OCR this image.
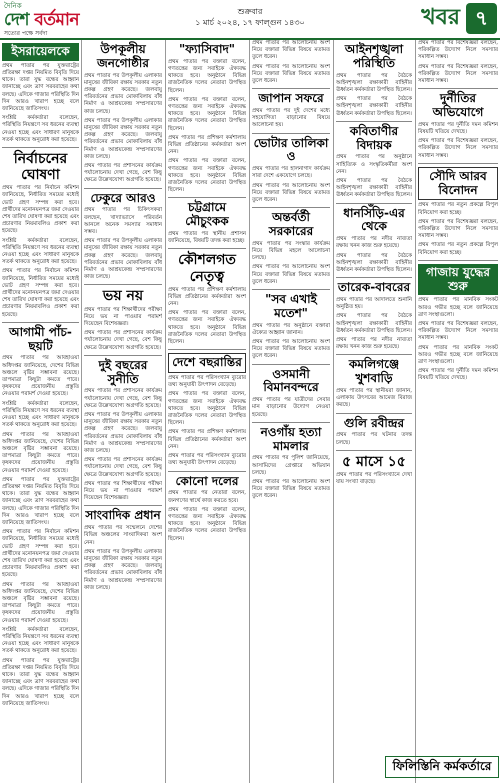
দৈনিক
দেশ বর্তমান
সত্যের পক্ষে সর্বদা
শুক্রবার
১ মার্চ ২০২৪, ১৭ ফাল্গুন ১৪৩০	খবর ৭
ইসরায়েলকে

প্রথম পাতার পর যুক্তরাষ্ট্রের প্রতিরক্ষা দপ্তর নিয়মিত বিবৃতি দিয়ে থাকে। তারা যুদ্ধ বন্ধের আহ্বান জানাচ্ছে এবং ত্রাণ সরবরাহের কথা বলছে। এদিকে গাজার পরিস্থিতি দিন দিন আরও খারাপ হচ্ছে বলে জানিয়েছে জাতিসংঘ।

সংশ্লিষ্ট কর্মকর্তারা বলেছেন, পরিস্থিতি নিয়ন্ত্রণে সব ধরনের ব্যবস্থা নেওয়া হচ্ছে এবং সাধারণ মানুষকে সতর্ক থাকতে অনুরোধ করা হয়েছে।

নির্বাচনের ঘোষণা

প্রথম পাতার পর নির্বাচন কমিশন জানিয়েছে, নির্ধারিত সময়ের মধ্যেই ভোট গ্রহণ সম্পন্ন করা হবে। প্রার্থীদের মনোনয়নপত্র জমা দেওয়ার শেষ তারিখ ঘোষণা করা হয়েছে এবং প্রচারণার নিয়মাবলিও প্রকাশ করা হয়েছে।

সংশ্লিষ্ট কর্মকর্তারা বলেছেন, পরিস্থিতি নিয়ন্ত্রণে সব ধরনের ব্যবস্থা নেওয়া হচ্ছে এবং সাধারণ মানুষকে সতর্ক থাকতে অনুরোধ করা হয়েছে।

প্রথম পাতার পর নির্বাচন কমিশন জানিয়েছে, নির্ধারিত সময়ের মধ্যেই ভোট গ্রহণ সম্পন্ন করা হবে। প্রার্থীদের মনোনয়নপত্র জমা দেওয়ার শেষ তারিখ ঘোষণা করা হয়েছে এবং প্রচারণার নিয়মাবলিও প্রকাশ করা হয়েছে।

আগামী পাঁচ-ছয়টি

প্রথম পাতার পর আবহাওয়া অধিদপ্তর জানিয়েছে, দেশের বিভিন্ন অঞ্চলে বৃষ্টির সম্ভাবনা রয়েছে। তাপমাত্রা কিছুটা কমতে পারে। কৃষকদের প্রয়োজনীয় প্রস্তুতি নেওয়ার পরামর্শ দেওয়া হয়েছে।

সংশ্লিষ্ট কর্মকর্তারা বলেছেন, পরিস্থিতি নিয়ন্ত্রণে সব ধরনের ব্যবস্থা নেওয়া হচ্ছে এবং সাধারণ মানুষকে সতর্ক থাকতে অনুরোধ করা হয়েছে।

প্রথম পাতার পর আবহাওয়া অধিদপ্তর জানিয়েছে, দেশের বিভিন্ন অঞ্চলে বৃষ্টির সম্ভাবনা রয়েছে। তাপমাত্রা কিছুটা কমতে পারে। কৃষকদের প্রয়োজনীয় প্রস্তুতি নেওয়ার পরামর্শ দেওয়া হয়েছে।

প্রথম পাতার পর যুক্তরাষ্ট্রের প্রতিরক্ষা দপ্তর নিয়মিত বিবৃতি দিয়ে থাকে। তারা যুদ্ধ বন্ধের আহ্বান জানাচ্ছে এবং ত্রাণ সরবরাহের কথা বলছে। এদিকে গাজার পরিস্থিতি দিন দিন আরও খারাপ হচ্ছে বলে জানিয়েছে জাতিসংঘ।

প্রথম পাতার পর নির্বাচন কমিশন জানিয়েছে, নির্ধারিত সময়ের মধ্যেই ভোট গ্রহণ সম্পন্ন করা হবে। প্রার্থীদের মনোনয়নপত্র জমা দেওয়ার শেষ তারিখ ঘোষণা করা হয়েছে এবং প্রচারণার নিয়মাবলিও প্রকাশ করা হয়েছে।

প্রথম পাতার পর আবহাওয়া অধিদপ্তর জানিয়েছে, দেশের বিভিন্ন অঞ্চলে বৃষ্টির সম্ভাবনা রয়েছে। তাপমাত্রা কিছুটা কমতে পারে। কৃষকদের প্রয়োজনীয় প্রস্তুতি নেওয়ার পরামর্শ দেওয়া হয়েছে।

সংশ্লিষ্ট কর্মকর্তারা বলেছেন, পরিস্থিতি নিয়ন্ত্রণে সব ধরনের ব্যবস্থা নেওয়া হচ্ছে এবং সাধারণ মানুষকে সতর্ক থাকতে অনুরোধ করা হয়েছে।

প্রথম পাতার পর যুক্তরাষ্ট্রের প্রতিরক্ষা দপ্তর নিয়মিত বিবৃতি দিয়ে থাকে। তারা যুদ্ধ বন্ধের আহ্বান জানাচ্ছে এবং ত্রাণ সরবরাহের কথা বলছে। এদিকে গাজার পরিস্থিতি দিন দিন আরও খারাপ হচ্ছে বলে জানিয়েছে জাতিসংঘ।

উপকূলীয় জনগোষ্ঠীর

প্রথম পাতার পর উপকূলীয় এলাকার মানুষের জীবিকা রক্ষায় সরকার নতুন প্রকল্প গ্রহণ করেছে। জলবায়ু পরিবর্তনের প্রভাব মোকাবিলায় বাঁধ নির্মাণ ও আশ্রয়কেন্দ্র সম্প্রসারণের কাজ চলছে।

প্রথম পাতার পর উপকূলীয় এলাকার মানুষের জীবিকা রক্ষায় সরকার নতুন প্রকল্প গ্রহণ করেছে। জলবায়ু পরিবর্তনের প্রভাব মোকাবিলায় বাঁধ নির্মাণ ও আশ্রয়কেন্দ্র সম্প্রসারণের কাজ চলছে।

প্রথম পাতার পর প্রশাসনের কার্যক্রম পর্যালোচনায় দেখা গেছে, বেশ কিছু ক্ষেত্রে উল্লেখযোগ্য অগ্রগতি হয়েছে।

ঢেকুরে আরও

প্রথম পাতার পর চিকিৎসকরা বলছেন, খাদ্যাভ্যাসে পরিবর্তন আনলে অনেক সমস্যার সমাধান সম্ভব।

প্রথম পাতার পর উপকূলীয় এলাকার মানুষের জীবিকা রক্ষায় সরকার নতুন প্রকল্প গ্রহণ করেছে। জলবায়ু পরিবর্তনের প্রভাব মোকাবিলায় বাঁধ নির্মাণ ও আশ্রয়কেন্দ্র সম্প্রসারণের কাজ চলছে।

ভয় নয়

প্রথম পাতার পর শিক্ষার্থীদের পরীক্ষা নিয়ে ভয় না পাওয়ার পরামর্শ দিয়েছেন বিশেষজ্ঞরা।

প্রথম পাতার পর প্রশাসনের কার্যক্রম পর্যালোচনায় দেখা গেছে, বেশ কিছু ক্ষেত্রে উল্লেখযোগ্য অগ্রগতি হয়েছে।

দুই বছরের সুনীতি

প্রথম পাতার পর প্রশাসনের কার্যক্রম পর্যালোচনায় দেখা গেছে, বেশ কিছু ক্ষেত্রে উল্লেখযোগ্য অগ্রগতি হয়েছে।

প্রথম পাতার পর উপকূলীয় এলাকার মানুষের জীবিকা রক্ষায় সরকার নতুন প্রকল্প গ্রহণ করেছে। জলবায়ু পরিবর্তনের প্রভাব মোকাবিলায় বাঁধ নির্মাণ ও আশ্রয়কেন্দ্র সম্প্রসারণের কাজ চলছে।

প্রথম পাতার পর প্রশাসনের কার্যক্রম পর্যালোচনায় দেখা গেছে, বেশ কিছু ক্ষেত্রে উল্লেখযোগ্য অগ্রগতি হয়েছে।

প্রথম পাতার পর শিক্ষার্থীদের পরীক্ষা নিয়ে ভয় না পাওয়ার পরামর্শ দিয়েছেন বিশেষজ্ঞরা।

সাংবাদিক প্রধান

প্রথম পাতার পর সম্মেলনে দেশের বিভিন্ন অঞ্চলের সাংবাদিকরা অংশ নেন।

প্রথম পাতার পর উপকূলীয় এলাকার মানুষের জীবিকা রক্ষায় সরকার নতুন প্রকল্প গ্রহণ করেছে। জলবায়ু পরিবর্তনের প্রভাব মোকাবিলায় বাঁধ নির্মাণ ও আশ্রয়কেন্দ্র সম্প্রসারণের কাজ চলছে।

"ফ্যাসিবাদ"

প্রথম পাতার পর বক্তারা বলেন, গণতন্ত্রের জন্য সবাইকে ঐক্যবদ্ধ থাকতে হবে। অনুষ্ঠানে বিভিন্ন রাজনৈতিক দলের নেতারা উপস্থিত ছিলেন।

প্রথম পাতার পর বক্তারা বলেন, গণতন্ত্রের জন্য সবাইকে ঐক্যবদ্ধ থাকতে হবে। অনুষ্ঠানে বিভিন্ন রাজনৈতিক দলের নেতারা উপস্থিত ছিলেন।

প্রথম পাতার পর প্রশিক্ষণ কর্মশালায় বিভিন্ন প্রতিষ্ঠানের কর্মকর্তারা অংশ নেন।

প্রথম পাতার পর বক্তারা বলেন, গণতন্ত্রের জন্য সবাইকে ঐক্যবদ্ধ থাকতে হবে। অনুষ্ঠানে বিভিন্ন রাজনৈতিক দলের নেতারা উপস্থিত ছিলেন।

চট্টগ্রামে মৌচুংকক

প্রথম পাতার পর স্থানীয় প্রশাসন জানিয়েছে, বিষয়টি তদন্ত করা হচ্ছে।

কৌশলগত নেতৃত্ব

প্রথম পাতার পর প্রশিক্ষণ কর্মশালায় বিভিন্ন প্রতিষ্ঠানের কর্মকর্তারা অংশ নেন।

প্রথম পাতার পর বক্তারা বলেন, গণতন্ত্রের জন্য সবাইকে ঐক্যবদ্ধ থাকতে হবে। অনুষ্ঠানে বিভিন্ন রাজনৈতিক দলের নেতারা উপস্থিত ছিলেন।

দেশে বছরান্তির

প্রথম পাতার পর পরিসংখ্যান ব্যুরোর তথ্য অনুযায়ী উৎপাদন বেড়েছে।

প্রথম পাতার পর বক্তারা বলেন, গণতন্ত্রের জন্য সবাইকে ঐক্যবদ্ধ থাকতে হবে। অনুষ্ঠানে বিভিন্ন রাজনৈতিক দলের নেতারা উপস্থিত ছিলেন।

প্রথম পাতার পর প্রশিক্ষণ কর্মশালায় বিভিন্ন প্রতিষ্ঠানের কর্মকর্তারা অংশ নেন।

প্রথম পাতার পর পরিসংখ্যান ব্যুরোর তথ্য অনুযায়ী উৎপাদন বেড়েছে।

কোনো দলের

প্রথম পাতার পর নেতারা বলেন, জনগণের স্বার্থে কাজ করতে হবে।

প্রথম পাতার পর বক্তারা বলেন, গণতন্ত্রের জন্য সবাইকে ঐক্যবদ্ধ থাকতে হবে। অনুষ্ঠানে বিভিন্ন রাজনৈতিক দলের নেতারা উপস্থিত ছিলেন।

প্রথম পাতার পর আলোচনায় অংশ নিয়ে বক্তারা বিভিন্ন বিষয়ে মতামত তুলে ধরেন।

প্রথম পাতার পর আলোচনায় অংশ নিয়ে বক্তারা বিভিন্ন বিষয়ে মতামত তুলে ধরেন।

জাপান সফরে

প্রথম পাতার পর দুই দেশের মধ্যে সহযোগিতা বাড়ানোর বিষয়ে আলোচনা হয়।

ভোটার তালিকা ও

প্রথম পাতার পর হালনাগাদ কার্যক্রম সারা দেশে একযোগে চলছে।

প্রথম পাতার পর আলোচনায় অংশ নিয়ে বক্তারা বিভিন্ন বিষয়ে মতামত তুলে ধরেন।

অন্তর্বর্তী সরকারের

প্রথম পাতার পর সংস্কার কার্যক্রম নিয়ে বিভিন্ন মহলে আলোচনা চলছে।

প্রথম পাতার পর আলোচনায় অংশ নিয়ে বক্তারা বিভিন্ন বিষয়ে মতামত তুলে ধরেন।

"সব এখাই মতেশ"

প্রথম পাতার পর অনুষ্ঠানে বক্তারা ঐক্যের আহ্বান জানান।

প্রথম পাতার পর আলোচনায় অংশ নিয়ে বক্তারা বিভিন্ন বিষয়ে মতামত তুলে ধরেন।

ওসমানী বিমানবন্দরে

প্রথম পাতার পর যাত্রীদের সেবার মান বাড়ানোর উদ্যোগ নেওয়া হয়েছে।

নওগাঁয় হত্যা মামলার

প্রথম পাতার পর পুলিশ জানিয়েছে, আসামিদের গ্রেপ্তারে অভিযান চলছে।

প্রথম পাতার পর আলোচনায় অংশ নিয়ে বক্তারা বিভিন্ন বিষয়ে মতামত তুলে ধরেন।

আইনশৃঙ্খলা পরিস্থিতি

প্রথম পাতার পর বৈঠকে আইনশৃঙ্খলা রক্ষাকারী বাহিনীর ঊর্ধ্বতন কর্মকর্তারা উপস্থিত ছিলেন।

প্রথম পাতার পর বৈঠকে আইনশৃঙ্খলা রক্ষাকারী বাহিনীর ঊর্ধ্বতন কর্মকর্তারা উপস্থিত ছিলেন।

কবিতাণীর বিদায়ক

প্রথম পাতার পর অনুষ্ঠানে সাহিত্যিক ও সংস্কৃতিকর্মীরা অংশ নেন।

প্রথম পাতার পর বৈঠকে আইনশৃঙ্খলা রক্ষাকারী বাহিনীর ঊর্ধ্বতন কর্মকর্তারা উপস্থিত ছিলেন।

ধানসিঁড়ি-এর থেকে

প্রথম পাতার পর নদীর নাব্যতা রক্ষায় খনন কাজ শুরু হয়েছে।

প্রথম পাতার পর বৈঠকে আইনশৃঙ্খলা রক্ষাকারী বাহিনীর ঊর্ধ্বতন কর্মকর্তারা উপস্থিত ছিলেন।

তারেক-বাবরের

প্রথম পাতার পর আদালতে শুনানি অনুষ্ঠিত হয়।

প্রথম পাতার পর বৈঠকে আইনশৃঙ্খলা রক্ষাকারী বাহিনীর ঊর্ধ্বতন কর্মকর্তারা উপস্থিত ছিলেন।

প্রথম পাতার পর নদীর নাব্যতা রক্ষায় খনন কাজ শুরু হয়েছে।

কমলিগঞ্জে খুশবাড়ি

প্রথম পাতার পর স্থানীয়রা জানান, এলাকায় উৎসবের আমেজ বিরাজ করছে।

গুলি রবীন্দ্রর

প্রথম পাতার পর ঘটনার তদন্ত চলছে।

৫ মাসে ১৫

প্রথম পাতার পর পরিসংখ্যানে দেখা যায় সংখ্যা বাড়ছে।

প্রথম পাতার পর বিশেষজ্ঞরা বলছেন, পরিকল্পিত উদ্যোগ নিলে সমস্যার সমাধান সম্ভব।

প্রথম পাতার পর বিশেষজ্ঞরা বলছেন, পরিকল্পিত উদ্যোগ নিলে সমস্যার সমাধান সম্ভব।

দুর্নীতির অভিযোগে

প্রথম পাতার পর দুর্নীতি দমন কমিশন বিষয়টি খতিয়ে দেখছে।

প্রথম পাতার পর বিশেষজ্ঞরা বলছেন, পরিকল্পিত উদ্যোগ নিলে সমস্যার সমাধান সম্ভব।

সৌদি আরব বিনোদন

প্রথম পাতার পর নতুন প্রকল্পে বিপুল বিনিয়োগ করা হচ্ছে।

প্রথম পাতার পর বিশেষজ্ঞরা বলছেন, পরিকল্পিত উদ্যোগ নিলে সমস্যার সমাধান সম্ভব।

প্রথম পাতার পর নতুন প্রকল্পে বিপুল বিনিয়োগ করা হচ্ছে।

গাজায় যুদ্ধের শুরু

প্রথম পাতার পর মানবিক সংকট আরও গভীর হচ্ছে বলে জানিয়েছে ত্রাণ সংস্থাগুলো।

প্রথম পাতার পর বিশেষজ্ঞরা বলছেন, পরিকল্পিত উদ্যোগ নিলে সমস্যার সমাধান সম্ভব।

প্রথম পাতার পর মানবিক সংকট আরও গভীর হচ্ছে বলে জানিয়েছে ত্রাণ সংস্থাগুলো।

প্রথম পাতার পর দুর্নীতি দমন কমিশন বিষয়টি খতিয়ে দেখছে।

ফিলিস্তিনি কর্মকর্তারে
